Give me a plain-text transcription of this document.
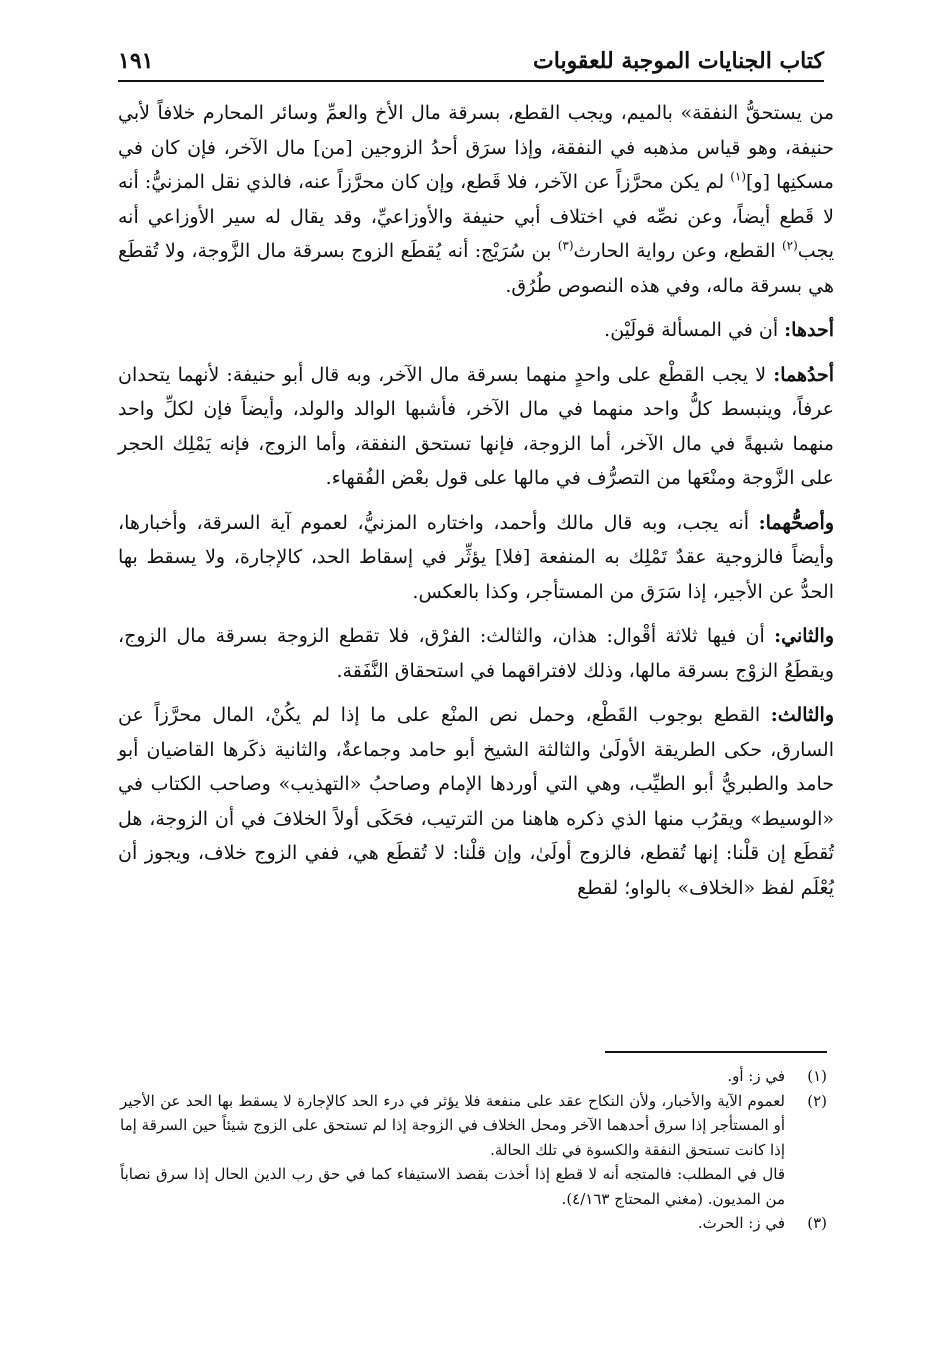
كتاب الجنايات الموجبة للعقوبات
١٩١

من يستحقُّ النفقة» بالميم، ويجب القطع، بسرقة مال الأخ والعمِّ وسائر المحارم خلافاً لأبي حنيفة، وهو قياس مذهبه في النفقة، وإذا سرَق أحدُ الزوجين [من] مال الآخر، فإن كان في مسكنِها [و]$^{(١)}$ لم يكن محرَّزاً عن الآخر، فلا قَطع، وإن كان محرَّزاً عنه، فالذي نقل المزنيُّ: أنه لا قَطع أيضاً، وعن نصِّه في اختلاف أبي حنيفة والأوزاعيِّ، وقد يقال له سير الأوزاعي أنه يجب$^{(٢)}$ القطع، وعن رواية الحارث$^{(٣)}$ بن سُرَيْج: أنه يُقطَع الزوج بسرقة مال الزَّوجة، ولا تُقطَع هي بسرقة ماله، وفي هذه النصوص طُرُق.

أحدها: أن في المسألة قولَيْن.

أحدُهما: لا يجب القطْع على واحدٍ منهما بسرقة مال الآخر، وبه قال أبو حنيفة: لأنهما يتحدان عرفاً، وينبسط كلُّ واحد منهما في مال الآخر، فأشبها الوالد والولد، وأيضاً فإن لكلِّ واحد منهما شبهةً في مال الآخر، أما الزوجة، فإنها تستحق النفقة، وأما الزوج، فإنه يَمْلِك الحجر على الزَّوجة ومنْعَها من التصرُّف في مالها على قول بعْض الفُقهاء.

وأصحُّهما: أنه يجب، وبه قال مالك وأحمد، واختاره المزنيُّ، لعموم آية السرقة، وأخبارها، وأيضاً فالزوجية عقدٌ تَمْلِك به المنفعة [فلا] يؤثِّر في إسقاط الحد، كالإجارة، ولا يسقط بها الحدُّ عن الأجير، إذا سَرَق من المستأجر، وكذا بالعكس.

والثاني: أن فيها ثلاثة أقْوال: هذان، والثالث: الفرْق، فلا تقطع الزوجة بسرقة مال الزوج، ويقطَعُ الزوْج بسرقة مالها، وذلك لافتراقهما في استحقاق النَّفَقة.

والثالث: القطع بوجوب القَطْع، وحمل نص المنْع على ما إذا لم يكُنْ، المال محرَّزاً عن السارق، حكى الطريقة الأولَىٰ والثالثة الشيخ أبو حامد وجماعةٌ، والثانية ذكَرها القاضيان أبو حامد والطبريُّ أبو الطيِّب، وهي التي أوردها الإمام وصاحبُ «التهذيب» وصاحب الكتاب في «الوسيط» ويقرُب منها الذي ذكره هاهنا من الترتيب، فحَكَى أولاً الخلافَ في أن الزوجة، هل تُقطَع إن قلْنا: إنها تُقطع، فالزوج أولَىٰ، وإن قلْنا: لا تُقطَع هي، ففي الزوج خلاف، ويجوز أن يُعْلَم لفظ «الخلاف» بالواو؛ لقطع

(١)
في ز: أو.
(٢)
لعموم الآية والأخبار، ولأن النكاح عقد على منفعة فلا يؤثر في درء الحد كالإجارة لا يسقط بها الحد عن الأجير أو المستأجر إذا سرق أحدهما الآخر ومحل الخلاف في الزوجة إذا لم تستحق على الزوج شيئاً حين السرقة إما إذا كانت تستحق النفقة والكسوة في تلك الحالة.

قال في المطلب: فالمتجه أنه لا قطع إذا أخذت بقصد الاستيفاء كما في حق رب الدين الحال إذا سرق نصاباً من المديون. (مغني المحتاج ٤/١٦٣).

(٣)
في ز: الحرث.
